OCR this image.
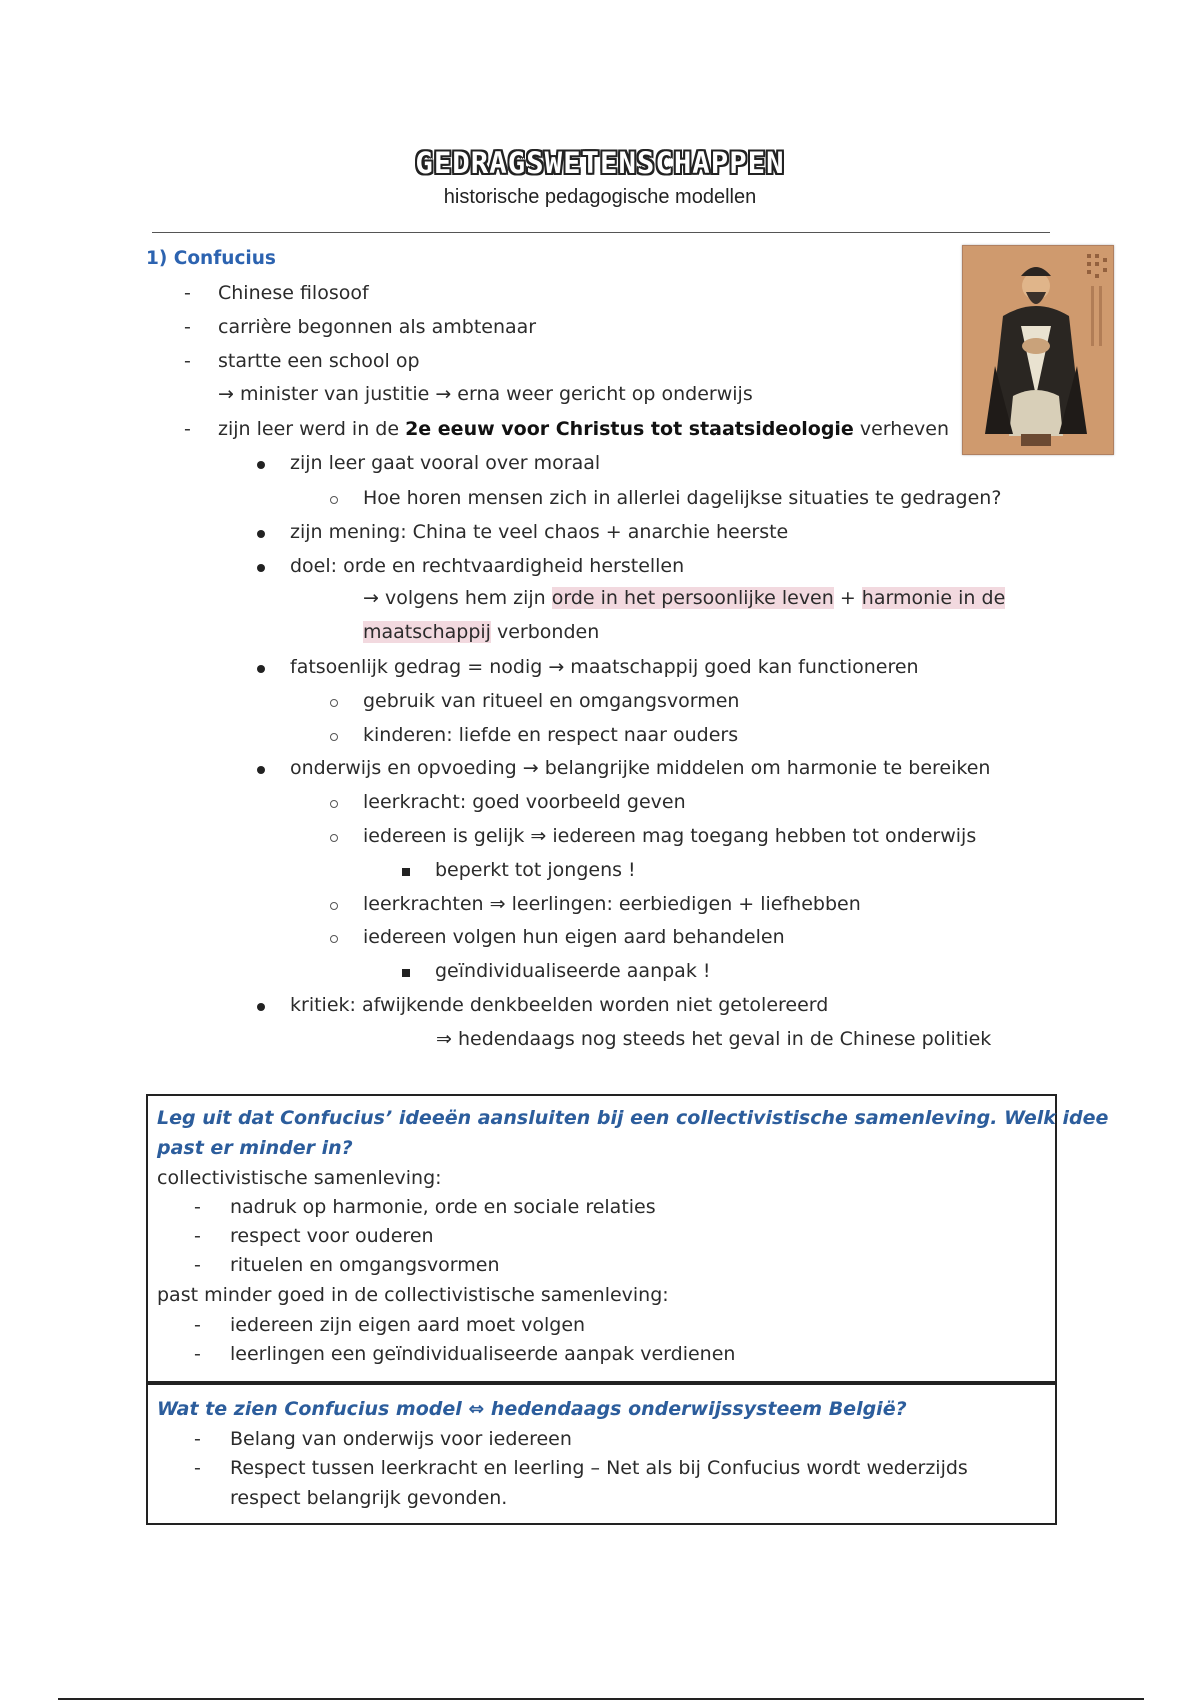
GEDRAGSWETENSCHAPPEN
historische pedagogische modellen
1) Confucius
- Chinese filosoof
- carrière begonnen als ambtenaar
- startte een school op
→ minister van justitie → erna weer gericht op onderwijs
- zijn leer werd in de 2e eeuw voor Christus tot staatsideologie verheven
zijn leer gaat vooral over moraal
Hoe horen mensen zich in allerlei dagelijkse situaties te gedragen?
zijn mening: China te veel chaos + anarchie heerste
doel: orde en rechtvaardigheid herstellen
→ volgens hem zijn orde in het persoonlijke leven + harmonie in de
maatschappij verbonden
fatsoenlijk gedrag = nodig → maatschappij goed kan functioneren
gebruik van ritueel en omgangsvormen
kinderen: liefde en respect naar ouders
onderwijs en opvoeding → belangrijke middelen om harmonie te bereiken
leerkracht: goed voorbeeld geven
iedereen is gelijk ⇒ iedereen mag toegang hebben tot onderwijs
beperkt tot jongens !
leerkrachten ⇒ leerlingen: eerbiedigen + liefhebben
iedereen volgen hun eigen aard behandelen
geïndividualiseerde aanpak !
kritiek: afwijkende denkbeelden worden niet getolereerd
⇒ hedendaags nog steeds het geval in de Chinese politiek
Leg uit dat Confucius’ ideeën aansluiten bij een collectivistische samenleving. Welk idee
past er minder in?
collectivistische samenleving:
- nadruk op harmonie, orde en sociale relaties
- respect voor ouderen
- rituelen en omgangsvormen
past minder goed in de collectivistische samenleving:
- iedereen zijn eigen aard moet volgen
- leerlingen een geïndividualiseerde aanpak verdienen
Wat te zien Confucius model ⇔ hedendaags onderwijssysteem België?
- Belang van onderwijs voor iedereen
- Respect tussen leerkracht en leerling – Net als bij Confucius wordt wederzijds
respect belangrijk gevonden.
